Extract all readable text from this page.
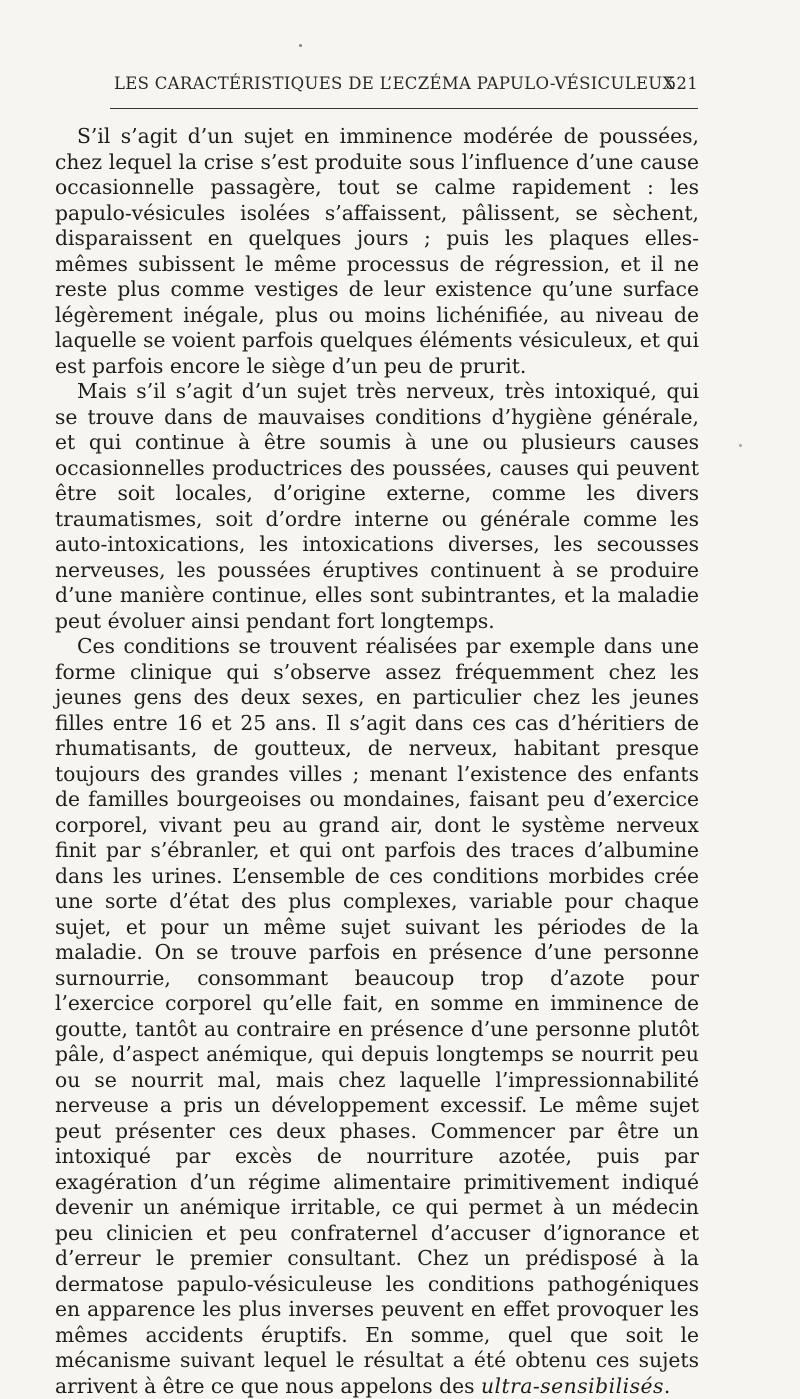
LES CARACTÉRISTIQUES DE L’ECZÉMA PAPULO-VÉSICULEUX
521

S’il s’agit d’un sujet en imminence modérée de poussées, chez lequel la crise s’est produite sous l’influence d’une cause occasionnelle passagère, tout se calme rapidement : les papulo-vésicules isolées s’affaissent, pâlissent, se sèchent, disparaissent en quelques jours ; puis les plaques elles-mêmes subissent le même processus de régression, et il ne reste plus comme vestiges de leur existence qu’une surface légèrement inégale, plus ou moins lichénifiée, au niveau de laquelle se voient parfois quelques éléments vésiculeux, et qui est parfois encore le siège d’un peu de prurit.

Mais s’il s’agit d’un sujet très nerveux, très intoxiqué, qui se trouve dans de mauvaises conditions d’hygiène générale, et qui continue à être soumis à une ou plusieurs causes occasionnelles productrices des poussées, causes qui peuvent être soit locales, d’origine externe, comme les divers traumatismes, soit d’ordre interne ou générale comme les auto-intoxications, les intoxications diverses, les secousses nerveuses, les poussées éruptives continuent à se produire d’une manière continue, elles sont subintrantes, et la maladie peut évoluer ainsi pendant fort longtemps.

Ces conditions se trouvent réalisées par exemple dans une forme clinique qui s’observe assez fréquemment chez les jeunes gens des deux sexes, en particulier chez les jeunes filles entre 16 et 25 ans. Il s’agit dans ces cas d’héritiers de rhumatisants, de goutteux, de nerveux, habitant presque toujours des grandes villes ; menant l’existence des enfants de familles bourgeoises ou mondaines, faisant peu d’exercice corporel, vivant peu au grand air, dont le système nerveux finit par s’ébranler, et qui ont parfois des traces d’albumine dans les urines. L’ensemble de ces conditions morbides crée une sorte d’état des plus complexes, variable pour chaque sujet, et pour un même sujet suivant les périodes de la maladie. On se trouve parfois en présence d’une personne surnourrie, consommant beaucoup trop d’azote pour l’exercice corporel qu’elle fait, en somme en imminence de goutte, tantôt au contraire en présence d’une personne plutôt pâle, d’aspect anémique, qui depuis longtemps se nourrit peu ou se nourrit mal, mais chez laquelle l’impressionnabilité nerveuse a pris un développement excessif. Le même sujet peut présenter ces deux phases. Commencer par être un intoxiqué par excès de nourriture azotée, puis par exagération d’un régime alimentaire primitivement indiqué devenir un anémique irritable, ce qui permet à un médecin peu clinicien et peu confraternel d’accuser d’ignorance et d’erreur le premier consultant. Chez un prédisposé à la dermatose papulo-vésiculeuse les conditions pathogéniques en apparence les plus inverses peuvent en effet provoquer les mêmes accidents éruptifs. En somme, quel que soit le mécanisme suivant lequel le résultat a été obtenu ces sujets arrivent à être ce que nous appelons des ultra-sensibilisés.
